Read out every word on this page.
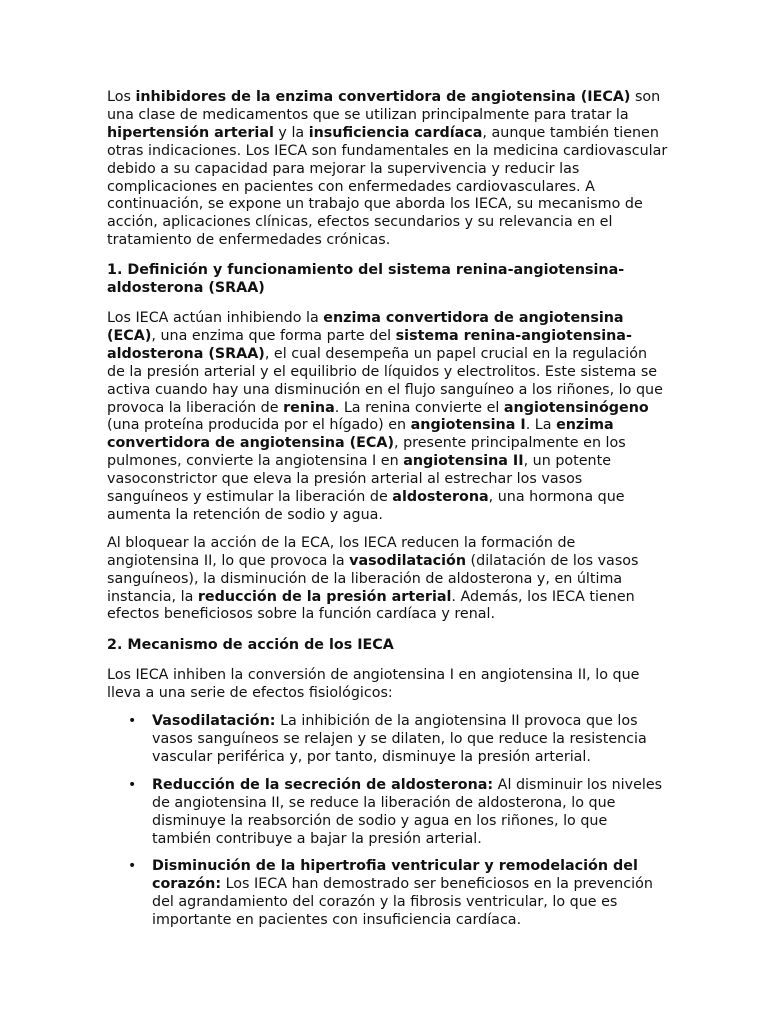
Los inhibidores de la enzima convertidora de angiotensina (IECA) son una clase de medicamentos que se utilizan principalmente para tratar la hipertensión arterial y la insuficiencia cardíaca, aunque también tienen otras indicaciones. Los IECA son fundamentales en la medicina cardiovascular debido a su capacidad para mejorar la supervivencia y reducir las complicaciones en pacientes con enfermedades cardiovasculares. A continuación, se expone un trabajo que aborda los IECA, su mecanismo de acción, aplicaciones clínicas, efectos secundarios y su relevancia en el tratamiento de enfermedades crónicas.

1. Definición y funcionamiento del sistema renina-angiotensina-aldosterona (SRAA)

Los IECA actúan inhibiendo la enzima convertidora de angiotensina (ECA), una enzima que forma parte del sistema renina-angiotensina-aldosterona (SRAA), el cual desempeña un papel crucial en la regulación de la presión arterial y el equilibrio de líquidos y electrolitos. Este sistema se activa cuando hay una disminución en el flujo sanguíneo a los riñones, lo que provoca la liberación de renina. La renina convierte el angiotensinógeno (una proteína producida por el hígado) en angiotensina I. La enzima convertidora de angiotensina (ECA), presente principalmente en los pulmones, convierte la angiotensina I en angiotensina II, un potente vasoconstrictor que eleva la presión arterial al estrechar los vasos sanguíneos y estimular la liberación de aldosterona, una hormona que aumenta la retención de sodio y agua.

Al bloquear la acción de la ECA, los IECA reducen la formación de angiotensina II, lo que provoca la vasodilatación (dilatación de los vasos sanguíneos), la disminución de la liberación de aldosterona y, en última instancia, la reducción de la presión arterial. Además, los IECA tienen efectos beneficiosos sobre la función cardíaca y renal.

2. Mecanismo de acción de los IECA

Los IECA inhiben la conversión de angiotensina I en angiotensina II, lo que lleva a una serie de efectos fisiológicos:

• Vasodilatación: La inhibición de la angiotensina II provoca que los vasos sanguíneos se relajen y se dilaten, lo que reduce la resistencia vascular periférica y, por tanto, disminuye la presión arterial.
• Reducción de la secreción de aldosterona: Al disminuir los niveles de angiotensina II, se reduce la liberación de aldosterona, lo que disminuye la reabsorción de sodio y agua en los riñones, lo que también contribuye a bajar la presión arterial.
• Disminución de la hipertrofia ventricular y remodelación del corazón: Los IECA han demostrado ser beneficiosos en la prevención del agrandamiento del corazón y la fibrosis ventricular, lo que es importante en pacientes con insuficiencia cardíaca.
